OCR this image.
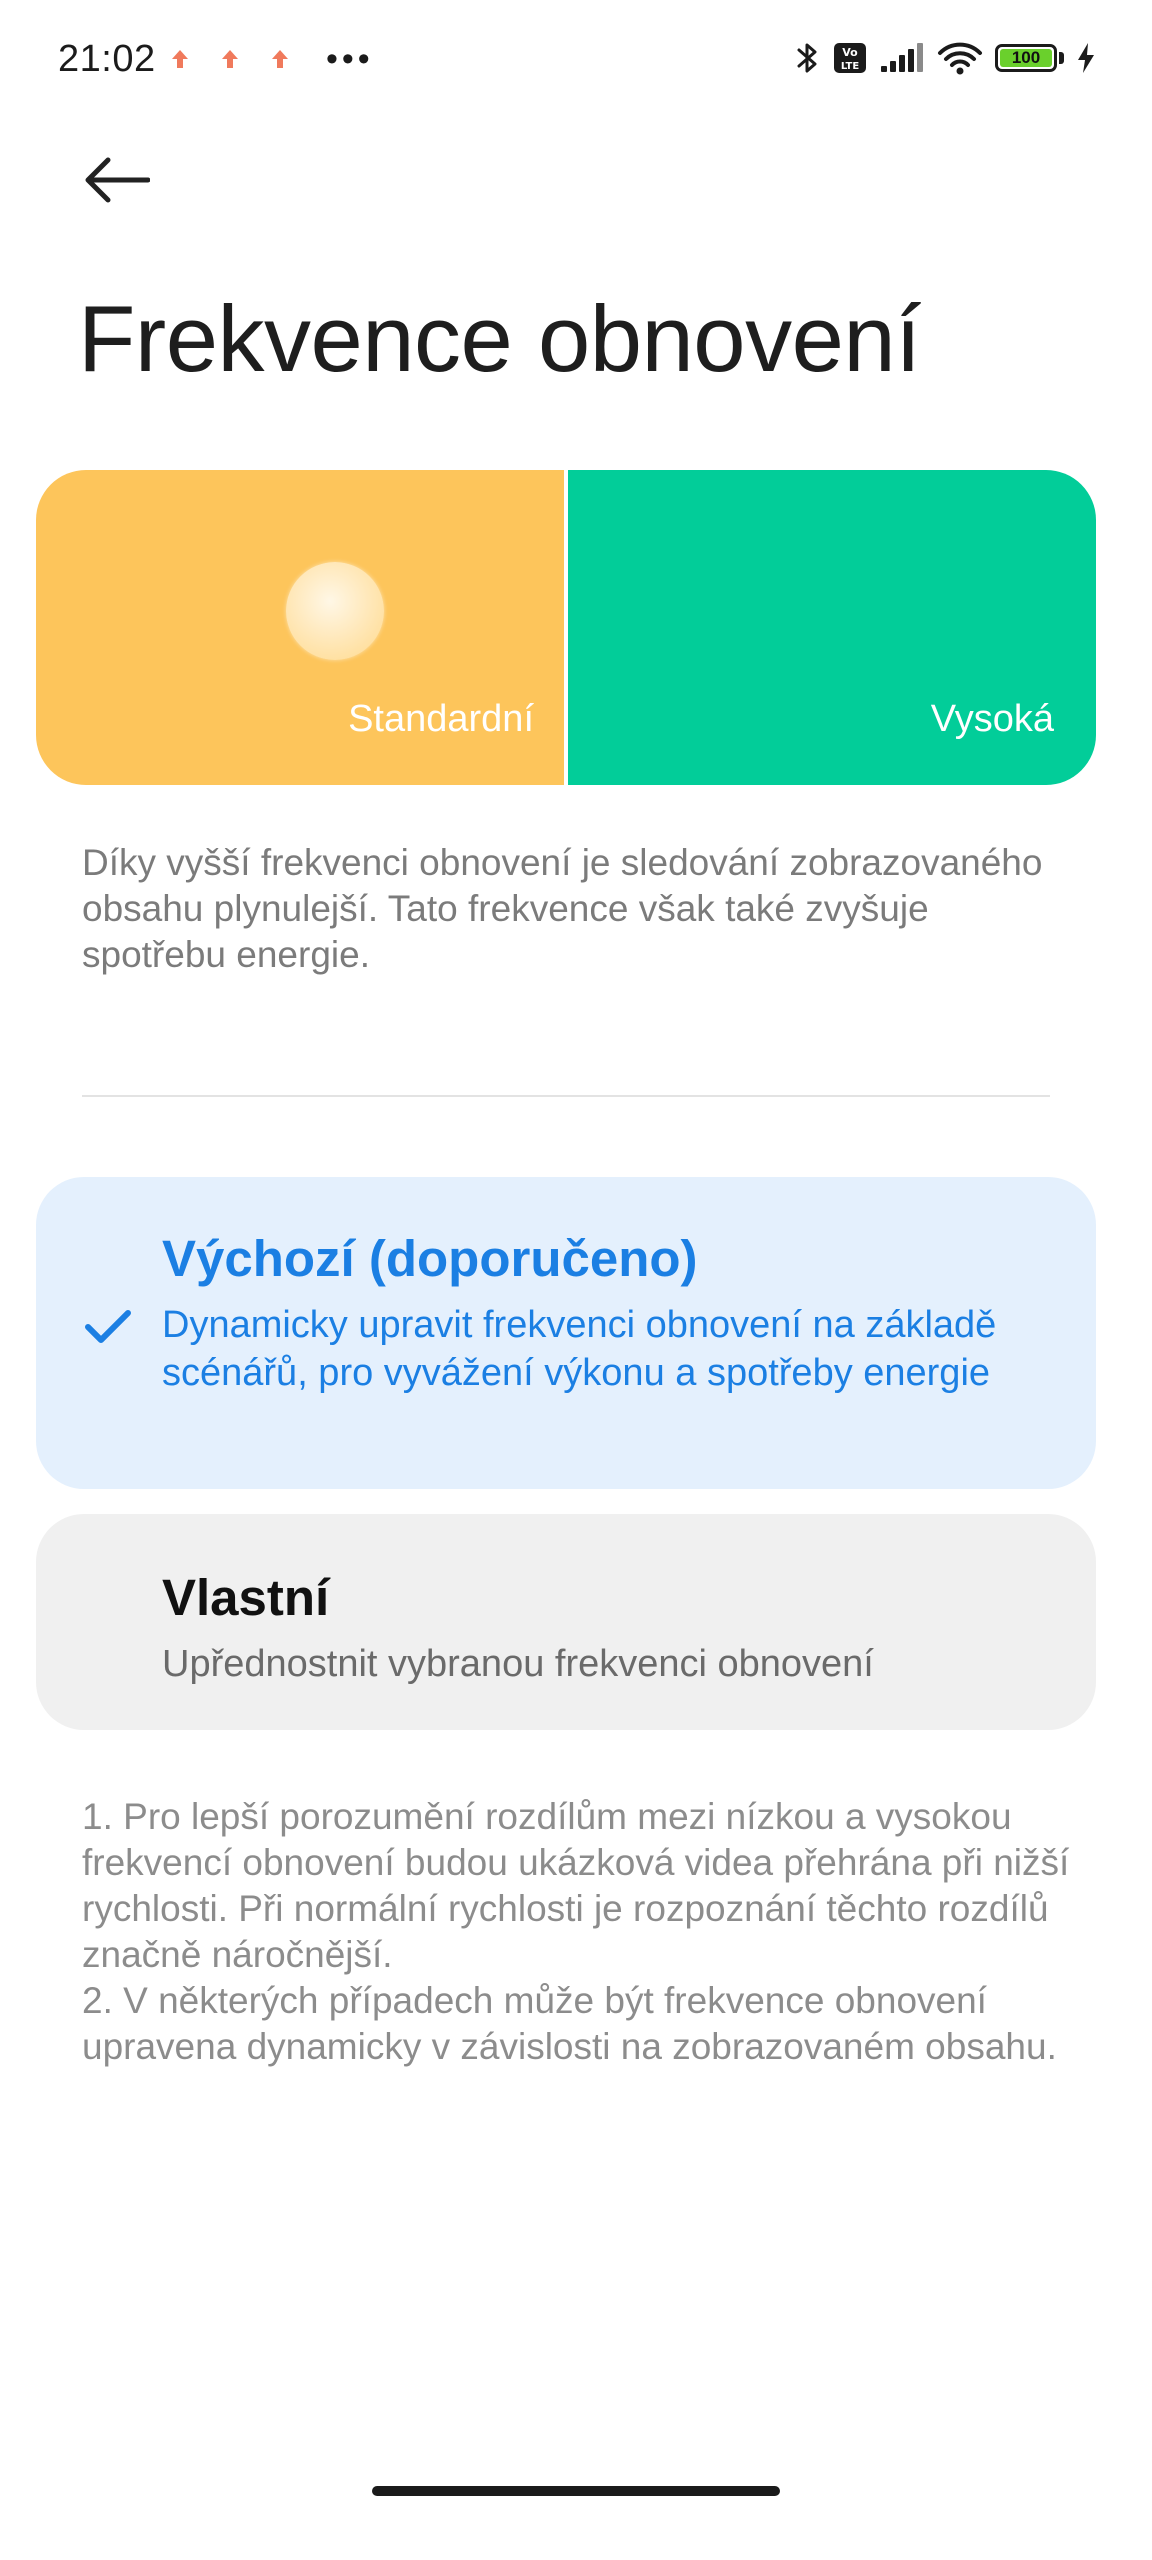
21:02	•••	Vo
LTE	100
Frekvence obnovení
Standardní	Vysoká

Díky vyšší frekvenci obnovení je sledování zobrazovaného obsahu plynulejší. Tato frekvence však také zvyšuje spotřebu energie.

Výchozí (doporučeno)

Dynamicky upravit frekvenci obnovení na základě scénářů, pro vyvážení výkonu a spotřeby energie

Vlastní

Upřednostnit vybranou frekvenci obnovení

1. Pro lepší porozumění rozdílům mezi nízkou a vysokou frekvencí obnovení budou ukázková videa přehrána při nižší rychlosti. Při normální rychlosti je rozpoznání těchto rozdílů značně náročnější.

2. V některých případech může být frekvence obnovení upravena dynamicky v závislosti na zobrazovaném obsahu.
